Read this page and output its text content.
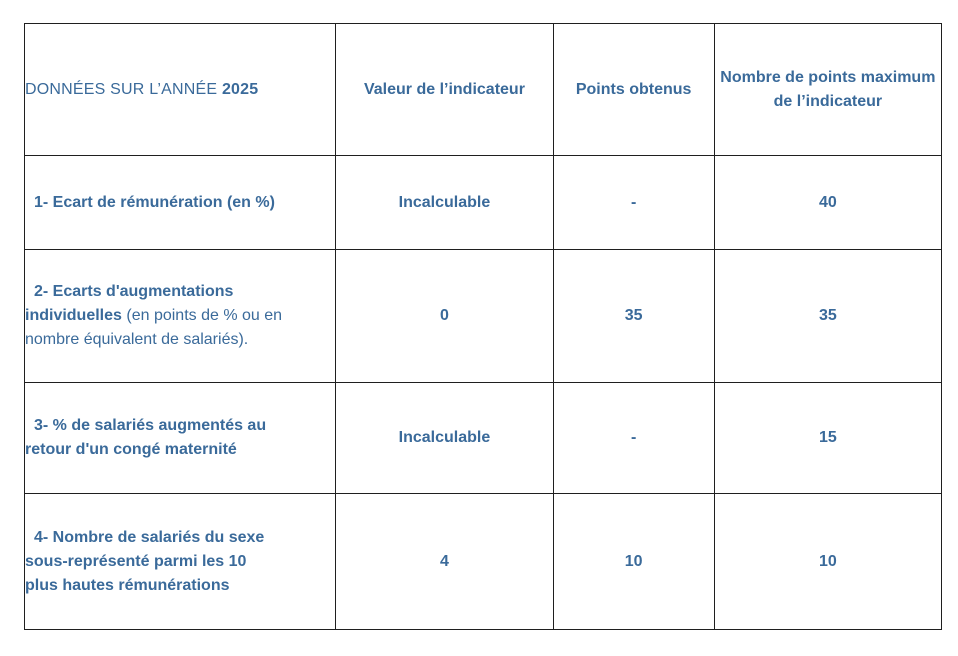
DONNÉES SUR L’ANNÉE 2025	Valeur de l’indicateur	Points obtenus	Nombre de points maximum de l’indicateur

1- Ecart de rémunération (en %)	Incalculable	-	40

2- Ecarts d'augmentations
individuelles (en points de % ou en nombre équivalent de salariés).	0	35	35

3- % de salariés augmentés au
retour d'un congé maternité	Incalculable	-	15

4- Nombre de salariés du sexe
sous-représenté parmi les 10
plus hautes rémunérations	4	10	10
